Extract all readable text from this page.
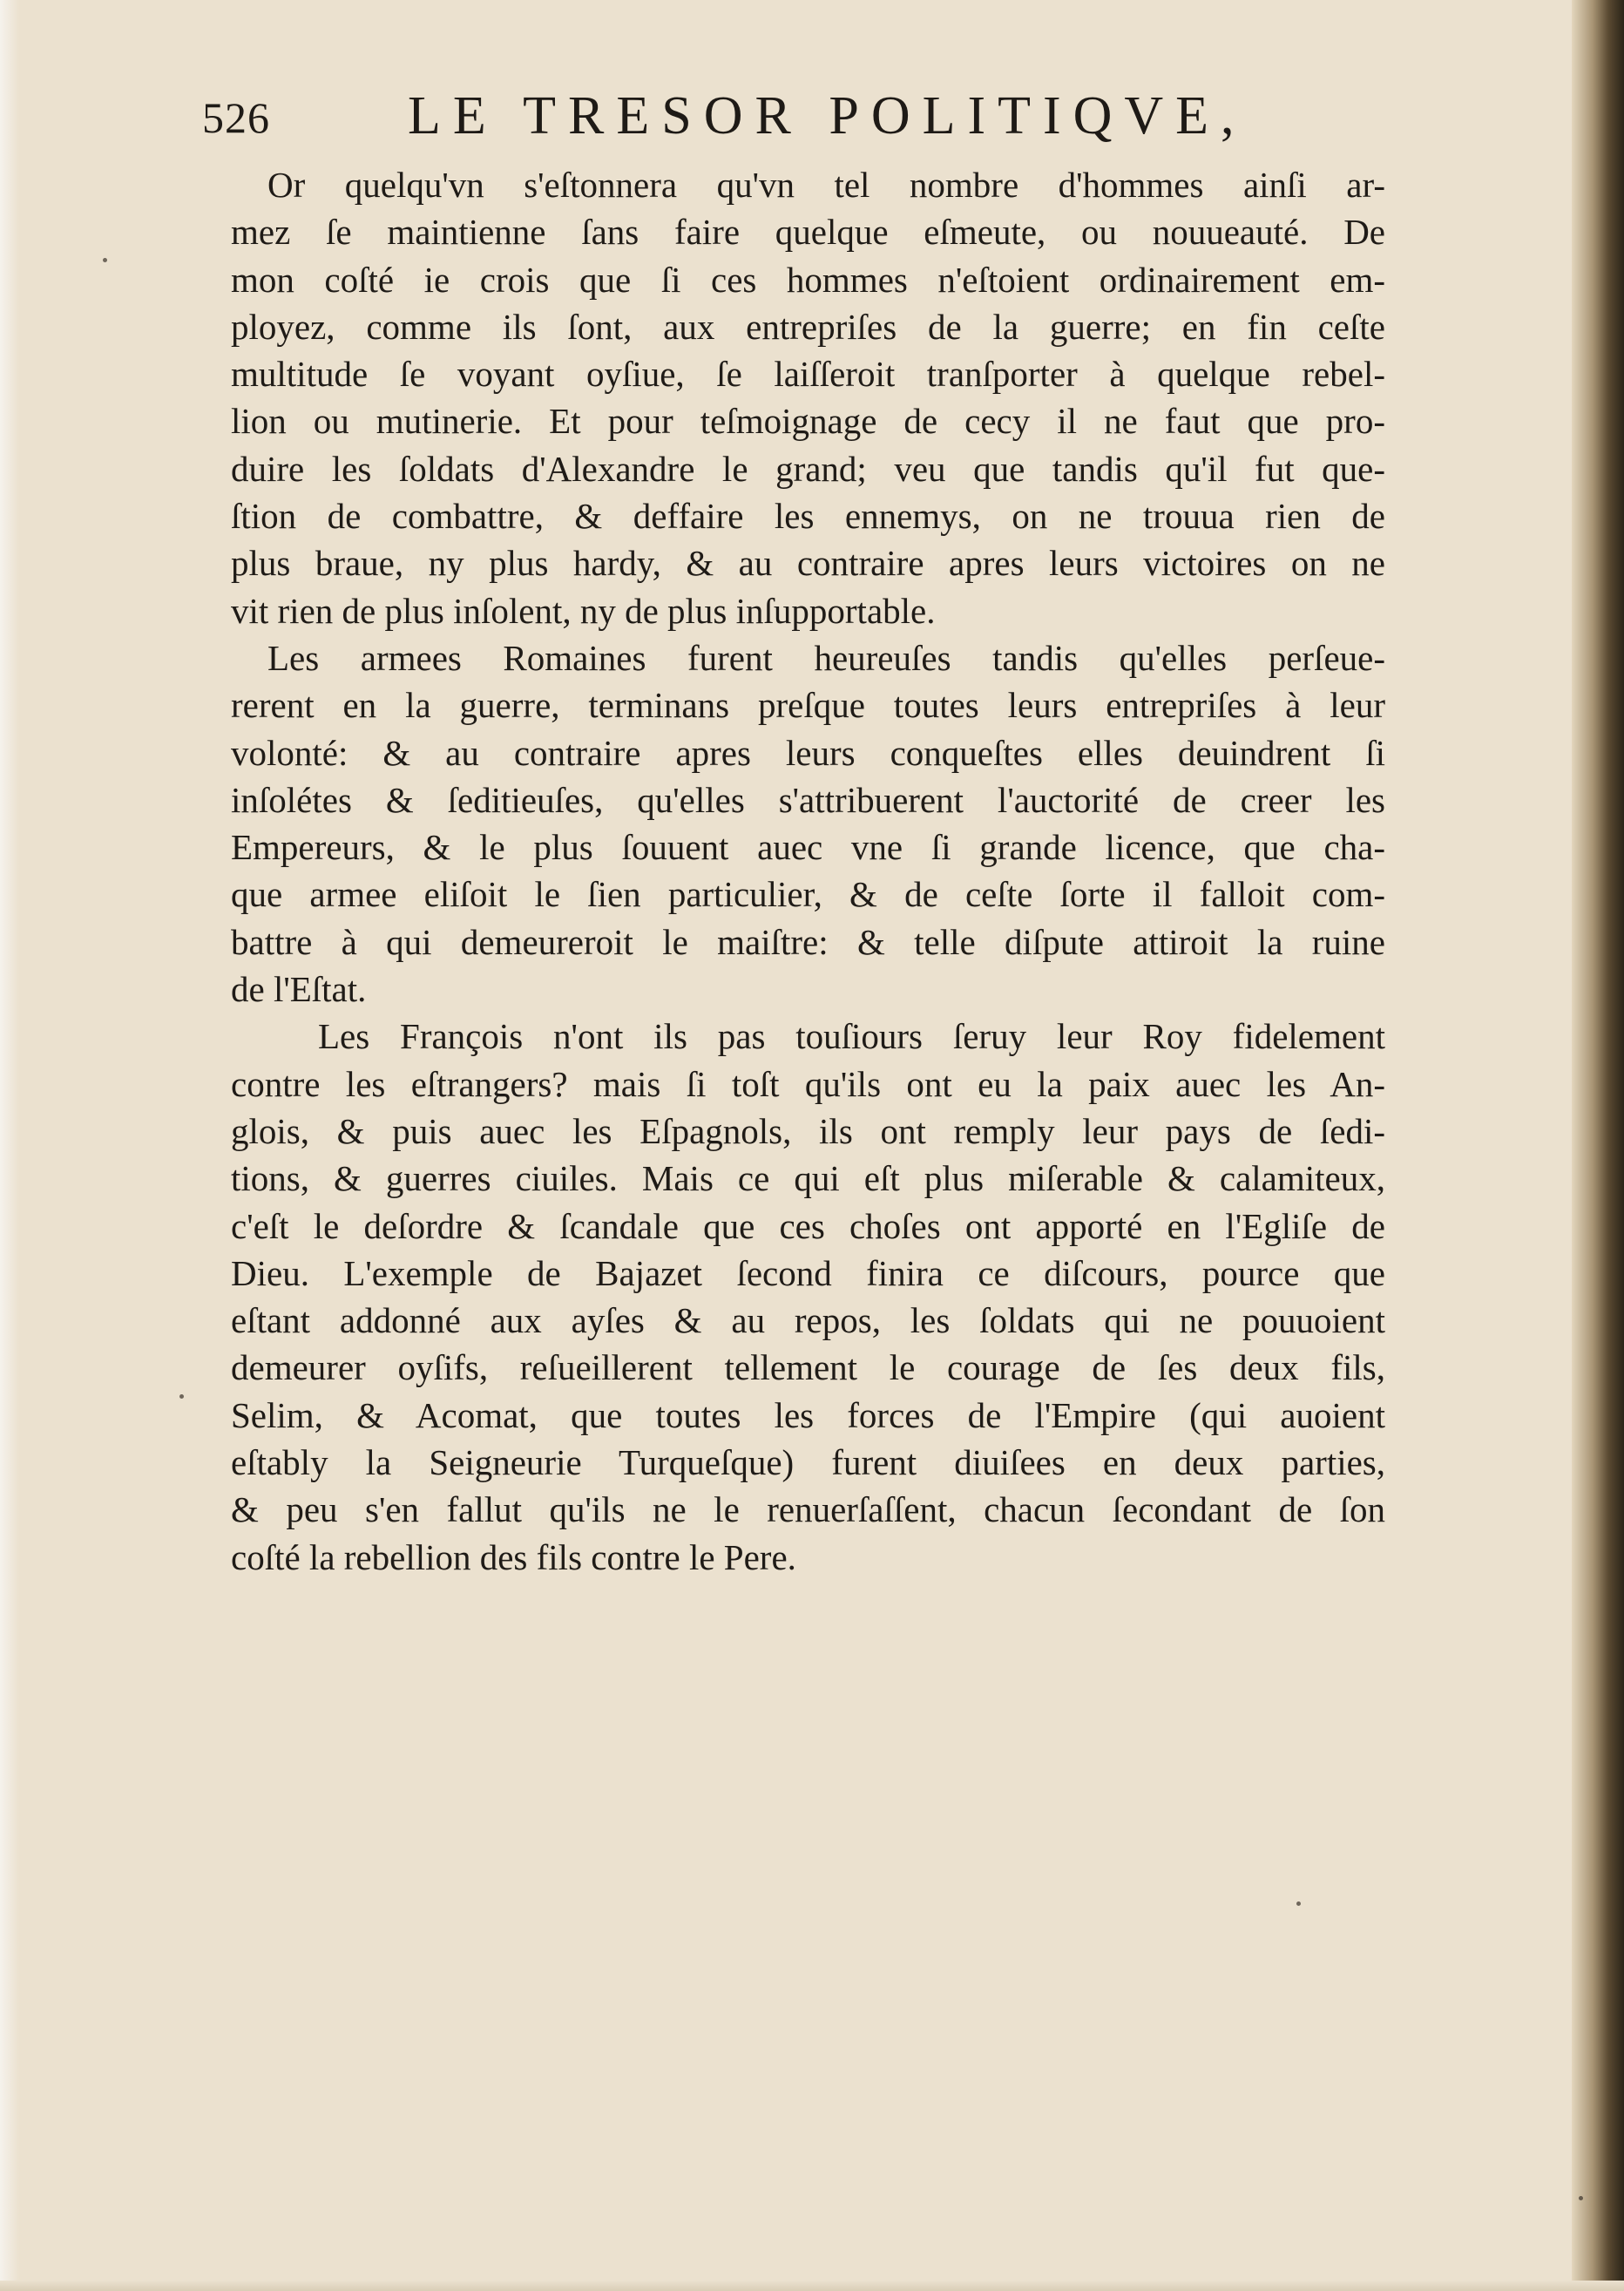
526	LE TRESOR POLITIQVE,
Or quelqu'vn s'eſtonnera qu'vn tel nombre d'hommes ainſi ar-
mez ſe maintienne ſans faire quelque eſmeute, ou nouueauté. De
mon coſté ie crois que ſi ces hommes n'eſtoient ordinairement em-
ployez, comme ils ſont, aux entrepriſes de la guerre; en fin ceſte
multitude ſe voyant oyſiue, ſe laiſſeroit tranſporter à quelque rebel-
lion ou mutinerie. Et pour teſmoignage de cecy il ne faut que pro-
duire les ſoldats d'Alexandre le grand; veu que tandis qu'il fut que-
ſtion de combattre, & deffaire les ennemys, on ne trouua rien de
plus braue, ny plus hardy, & au contraire apres leurs victoires on ne
vit rien de plus inſolent, ny de plus inſupportable.
Les armees Romaines furent heureuſes tandis qu'elles perſeue-
rerent en la guerre, terminans preſque toutes leurs entrepriſes à leur
volonté: & au contraire apres leurs conqueſtes elles deuindrent ſi
inſolétes & ſeditieuſes, qu'elles s'attribuerent l'auctorité de creer les
Empereurs, & le plus ſouuent auec vne ſi grande licence, que cha-
que armee eliſoit le ſien particulier, & de ceſte ſorte il falloit com-
battre à qui demeureroit le maiſtre: & telle diſpute attiroit la ruine
de l'Eſtat.
Les François n'ont ils pas touſiours ſeruy leur Roy fidelement
contre les eſtrangers? mais ſi toſt qu'ils ont eu la paix auec les An-
glois, & puis auec les Eſpagnols, ils ont remply leur pays de ſedi-
tions, & guerres ciuiles. Mais ce qui eſt plus miſerable & calamiteux,
c'eſt le deſordre & ſcandale que ces choſes ont apporté en l'Egliſe de
Dieu. L'exemple de Bajazet ſecond finira ce diſcours, pource que
eſtant addonné aux ayſes & au repos, les ſoldats qui ne pouuoient
demeurer oyſifs, reſueillerent tellement le courage de ſes deux fils,
Selim, & Acomat, que toutes les forces de l'Empire (qui auoient
eſtably la Seigneurie Turqueſque) furent diuiſees en deux parties,
& peu s'en fallut qu'ils ne le renuerſaſſent, chacun ſecondant de ſon
coſté la rebellion des fils contre le Pere.
